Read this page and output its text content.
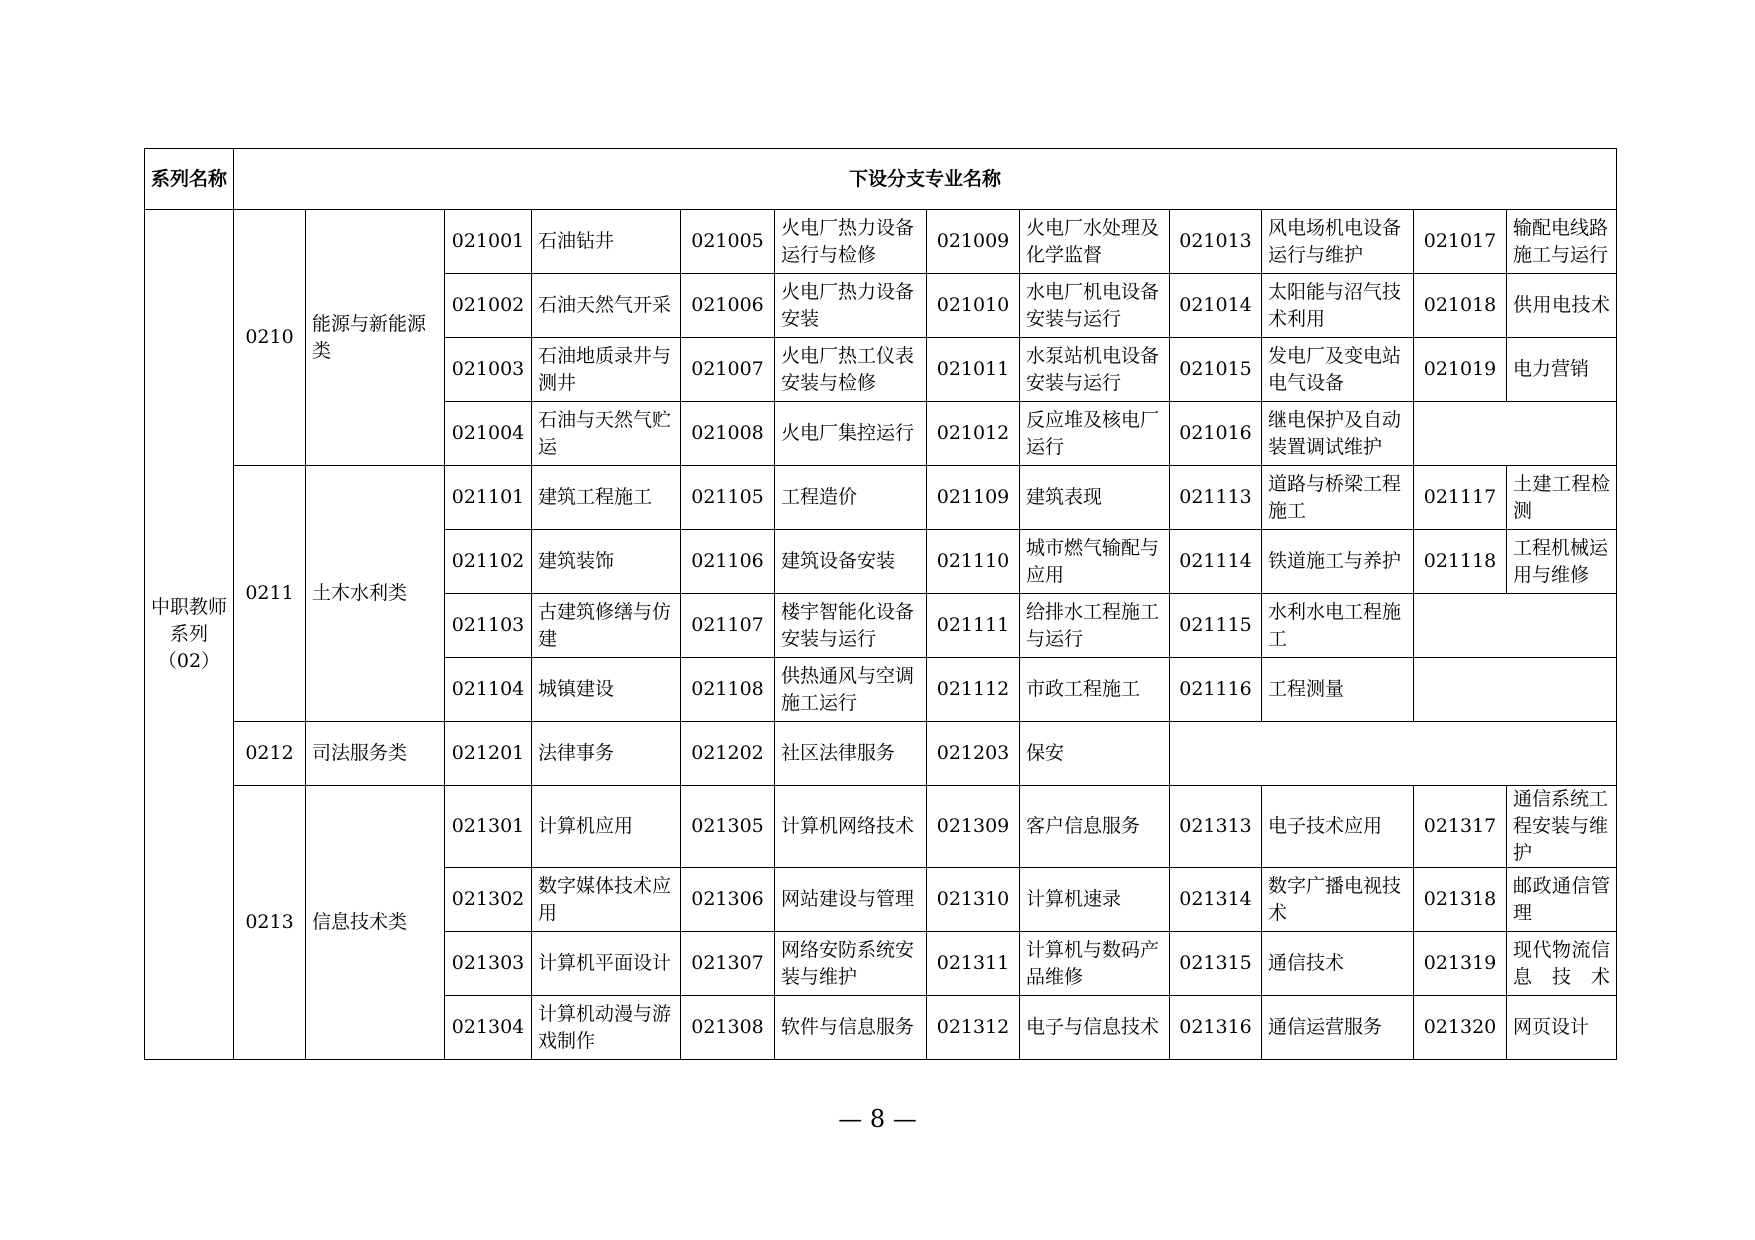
系列名称	下设分支专业名称											
中职教师系列（02）	0210	能源与新能源类	021001	石油钻井	021005	火电厂热力设备运行与检修	021009	火电厂水处理及化学监督	021013	风电场机电设备运行与维护	021017	输配电线路施工与运行
			021002	石油天然气开采	021006	火电厂热力设备安装	021010	水电厂机电设备安装与运行	021014	太阳能与沼气技术利用	021018	供用电技术
			021003	石油地质录井与测井	021007	火电厂热工仪表安装与检修	021011	水泵站机电设备安装与运行	021015	发电厂及变电站电气设备	021019	电力营销
			021004	石油与天然气贮运	021008	火电厂集控运行	021012	反应堆及核电厂运行	021016	继电保护及自动装置调试维护		
	0211	土木水利类	021101	建筑工程施工	021105	工程造价	021109	建筑表现	021113	道路与桥梁工程施工	021117	土建工程检测
			021102	建筑装饰	021106	建筑设备安装	021110	城市燃气输配与应用	021114	铁道施工与养护	021118	工程机械运用与维修
			021103	古建筑修缮与仿建	021107	楼宇智能化设备安装与运行	021111	给排水工程施工与运行	021115	水利水电工程施工		
			021104	城镇建设	021108	供热通风与空调施工运行	021112	市政工程施工	021116	工程测量		
	0212	司法服务类	021201	法律事务	021202	社区法律服务	021203	保安				
	0213	信息技术类	021301	计算机应用	021305	计算机网络技术	021309	客户信息服务	021313	电子技术应用	021317	通信系统工程安装与维护
			021302	数字媒体技术应用	021306	网站建设与管理	021310	计算机速录	021314	数字广播电视技术	021318	邮政通信管理
			021303	计算机平面设计	021307	网络安防系统安装与维护	021311	计算机与数码产品维修	021315	通信技术	021319	现代物流信息技术
			021304	计算机动漫与游戏制作	021308	软件与信息服务	021312	电子与信息技术	021316	通信运营服务	021320	网页设计
— 8 —
